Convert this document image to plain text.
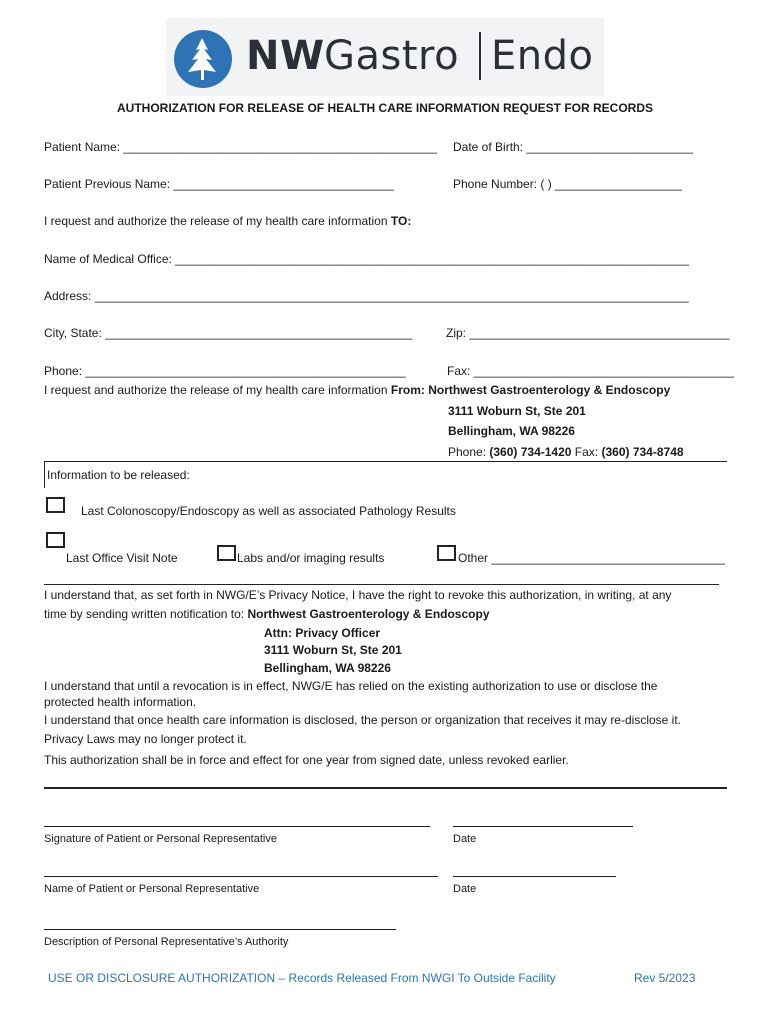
NW Gastro Endo
AUTHORIZATION FOR RELEASE OF HEALTH CARE INFORMATION REQUEST FOR RECORDS
Patient Name: _______________________________________________ Date of Birth: _________________________
Patient Previous Name: _________________________________	Phone Number: ( ) ___________________
I request and authorize the release of my health care information TO:
Name of Medical Office: _____________________________________________________________________________
Address: _________________________________________________________________________________________
City, State: ______________________________________________	Zip: _______________________________________
Phone: ________________________________________________	Fax: _______________________________________
I request and authorize the release of my health care information From: Northwest Gastroenterology & Endoscopy
3111 Woburn St, Ste 201
Bellingham, WA 98226
Phone: (360) 734-1420 Fax: (360) 734-8748
Information to be released:
Last Colonoscopy/Endoscopy as well as associated Pathology Results
Last Office Visit Note	Labs and/or imaging results	Other ___________________________________
I understand that, as set forth in NWG/E’s Privacy Notice, I have the right to revoke this authorization, in writing, at any
time by sending written notification to: Northwest Gastroenterology & Endoscopy
Attn: Privacy Officer
3111 Woburn St, Ste 201
Bellingham, WA 98226
I understand that until a revocation is in effect, NWG/E has relied on the existing authorization to use or disclose the
protected health information.
I understand that once health care information is disclosed, the person or organization that receives it may re-disclose it.
Privacy Laws may no longer protect it.
This authorization shall be in force and effect for one year from signed date, unless revoked earlier.
Signature of Patient or Personal Representative	Date
Name of Patient or Personal Representative	Date
Description of Personal Representative’s Authority
USE OR DISCLOSURE AUTHORIZATION – Records Released From NWGI To Outside Facility	Rev 5/2023
